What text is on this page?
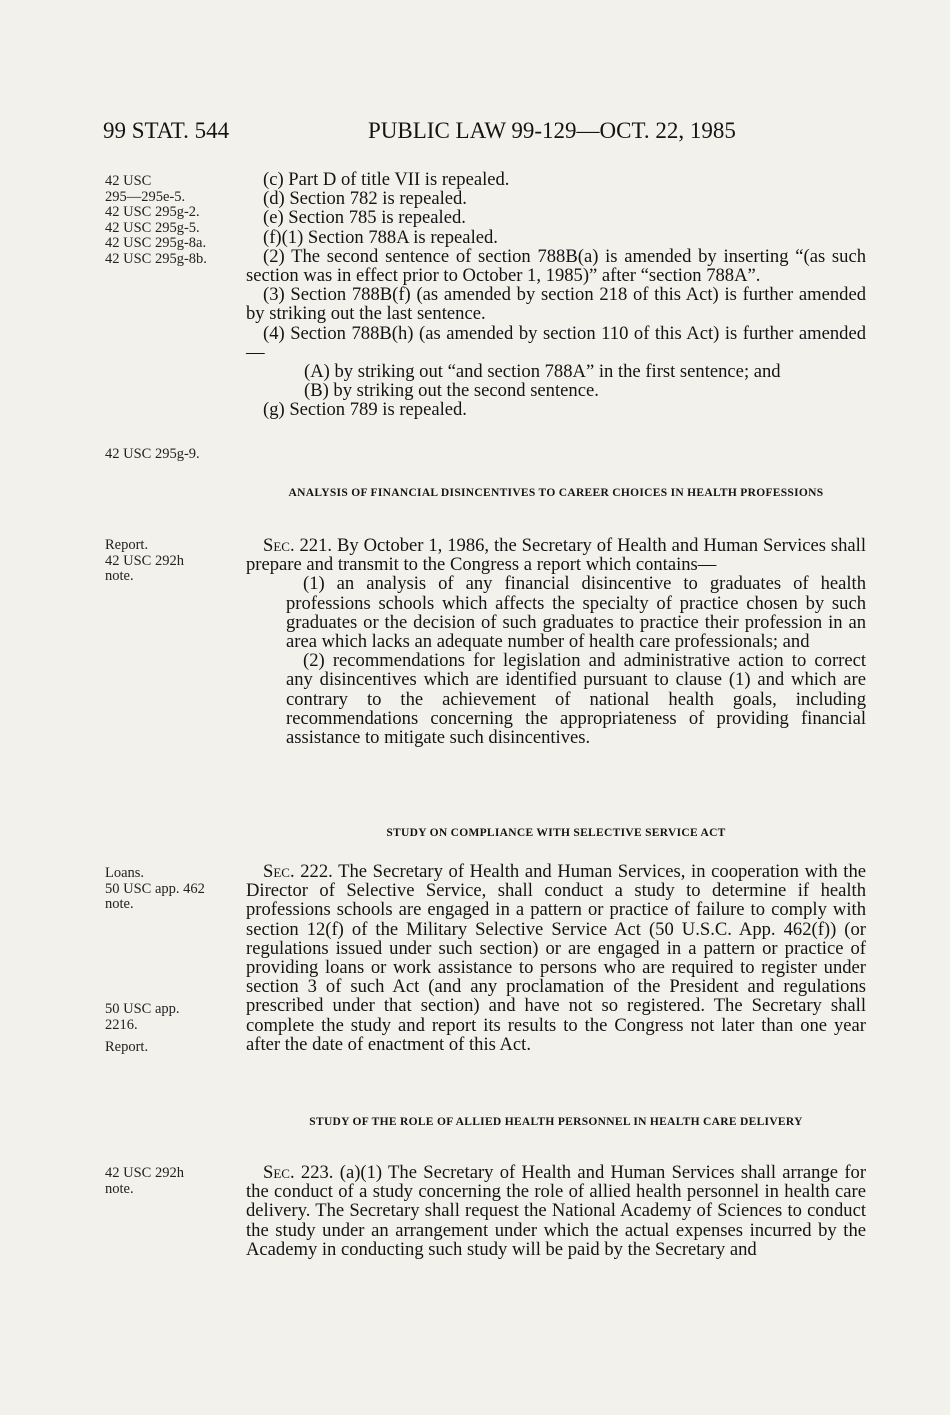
99 STAT. 544	PUBLIC LAW 99-129—OCT. 22, 1985
42 USC
295—295e-5.
42 USC 295g-2.
42 USC 295g-5.
42 USC 295g-8a.
42 USC 295g-8b.
42 USC 295g-9.
Report.
42 USC 292h
note.
Loans.
50 USC app. 462
note.
50 USC app.
2216.
Report.
42 USC 292h
note.

(c) Part D of title VII is repealed.

(d) Section 782 is repealed.

(e) Section 785 is repealed.

(f)(1) Section 788A is repealed.

(2) The second sentence of section 788B(a) is amended by inserting “(as such section was in effect prior to October 1, 1985)” after “section 788A”.

(3) Section 788B(f) (as amended by section 218 of this Act) is further amended by striking out the last sentence.

(4) Section 788B(h) (as amended by section 110 of this Act) is further amended—

(A) by striking out “and section 788A” in the first sentence; and

(B) by striking out the second sentence.

(g) Section 789 is repealed.

ANALYSIS OF FINANCIAL DISINCENTIVES TO CAREER CHOICES IN HEALTH PROFESSIONS

Sec. 221. By October 1, 1986, the Secretary of Health and Human Services shall prepare and transmit to the Congress a report which contains—

(1) an analysis of any financial disincentive to graduates of health professions schools which affects the specialty of practice chosen by such graduates or the decision of such graduates to practice their profession in an area which lacks an adequate number of health care professionals; and

(2) recommendations for legislation and administrative action to correct any disincentives which are identified pursuant to clause (1) and which are contrary to the achievement of national health goals, including recommendations concerning the appropriateness of providing financial assistance to mitigate such disincentives.

STUDY ON COMPLIANCE WITH SELECTIVE SERVICE ACT

Sec. 222. The Secretary of Health and Human Services, in cooperation with the Director of Selective Service, shall conduct a study to determine if health professions schools are engaged in a pattern or practice of failure to comply with section 12(f) of the Military Selective Service Act (50 U.S.C. App. 462(f)) (or regulations issued under such section) or are engaged in a pattern or practice of providing loans or work assistance to persons who are required to register under section 3 of such Act (and any proclamation of the President and regulations prescribed under that section) and have not so registered. The Secretary shall complete the study and report its results to the Congress not later than one year after the date of enactment of this Act.

STUDY OF THE ROLE OF ALLIED HEALTH PERSONNEL IN HEALTH CARE DELIVERY

Sec. 223. (a)(1) The Secretary of Health and Human Services shall arrange for the conduct of a study concerning the role of allied health personnel in health care delivery. The Secretary shall request the National Academy of Sciences to conduct the study under an arrangement under which the actual expenses incurred by the Academy in conducting such study will be paid by the Secretary and
